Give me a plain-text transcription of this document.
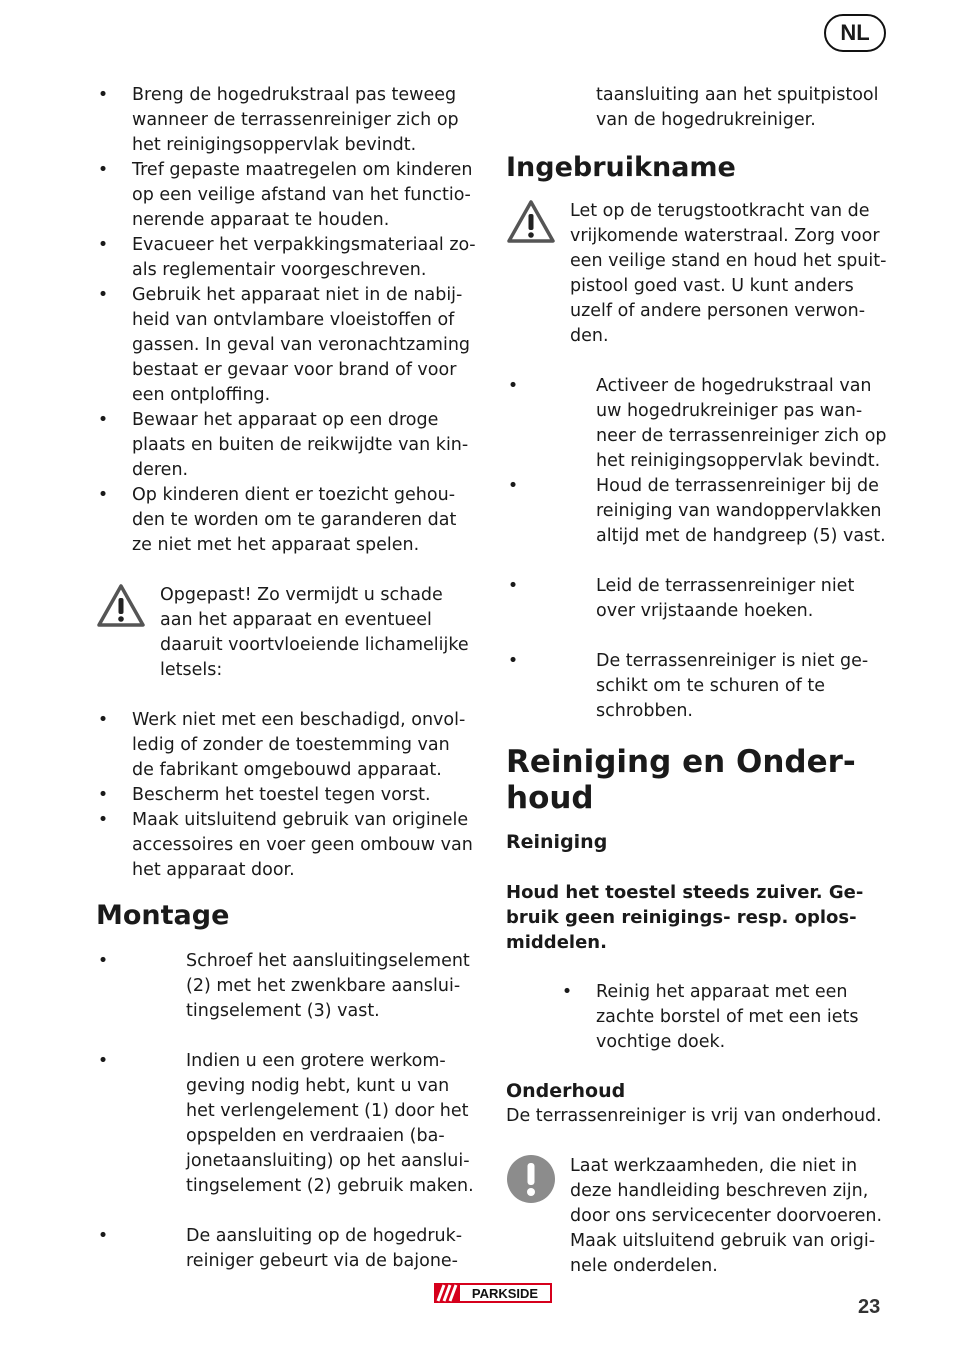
NL
• Breng de hogedrukstraal pas teweeg wanneer de terrassenreiniger zich op het reinigingsoppervlak bevindt.
• Tref gepaste maatregelen om kinderen op een veilige afstand van het functionerende apparaat te houden.
• Evacueer het verpakkingsmateriaal zoals reglementair voorgeschreven.
• Gebruik het apparaat niet in de nabijheid van ontvlambare vloeistoffen of gassen. In geval van veronachtzaming bestaat er gevaar voor brand of voor een ontploffing.
• Bewaar het apparaat op een droge plaats en buiten de reikwijdte van kinderen.
• Op kinderen dient er toezicht gehouden te worden om te garanderen dat ze niet met het apparaat spelen.
Opgepast! Zo vermijdt u schade aan het apparaat en eventueel daaruit voortvloeiende lichamelijke letsels:
• Werk niet met een beschadigd, onvolledig of zonder de toestemming van de fabrikant omgebouwd apparaat.
• Bescherm het toestel tegen vorst.
• Maak uitsluitend gebruik van originele accessoires en voer geen ombouw van het apparaat door.
Montage
•	Schroef het aansluitingselement (2) met het zwenkbare aansluitingselement (3) vast.
•	Indien u een grotere werkomgeving nodig hebt, kunt u van het verlengelement (1) door het opspelden en verdraaien (bajonetaansluiting) op het aansluitingselement (2) gebruik maken.
•	De aansluiting op de hogedrukreiniger gebeurt via de bajone-
taansluiting aan het spuitpistool van de hogedrukreiniger.
Ingebruikname
Let op de terugstootkracht van de vrijkomende waterstraal. Zorg voor een veilige stand en houd het spuitpistool goed vast. U kunt anders uzelf of andere personen verwonden.
•	Activeer de hogedrukstraal van uw hogedrukreiniger pas wanneer de terrassenreiniger zich op het reinigingsoppervlak bevindt.
•	Houd de terrassenreiniger bij de reiniging van wandoppervlakken altijd met de handgreep (5) vast.
•	Leid de terrassenreiniger niet over vrijstaande hoeken.
•	De terrassenreiniger is niet geschikt om te schuren of te schrobben.
Reiniging en Onderhoud
Reiniging
Houd het toestel steeds zuiver. Gebruik geen reinigings- resp. oplosmiddelen.
• Reinig het apparaat met een zachte borstel of met een iets vochtige doek.
Onderhoud
De terrassenreiniger is vrij van onderhoud.
Laat werkzaamheden, die niet in deze handleiding beschreven zijn, door ons servicecenter doorvoeren. Maak uitsluitend gebruik van originele onderdelen.
PARKSIDE
23
